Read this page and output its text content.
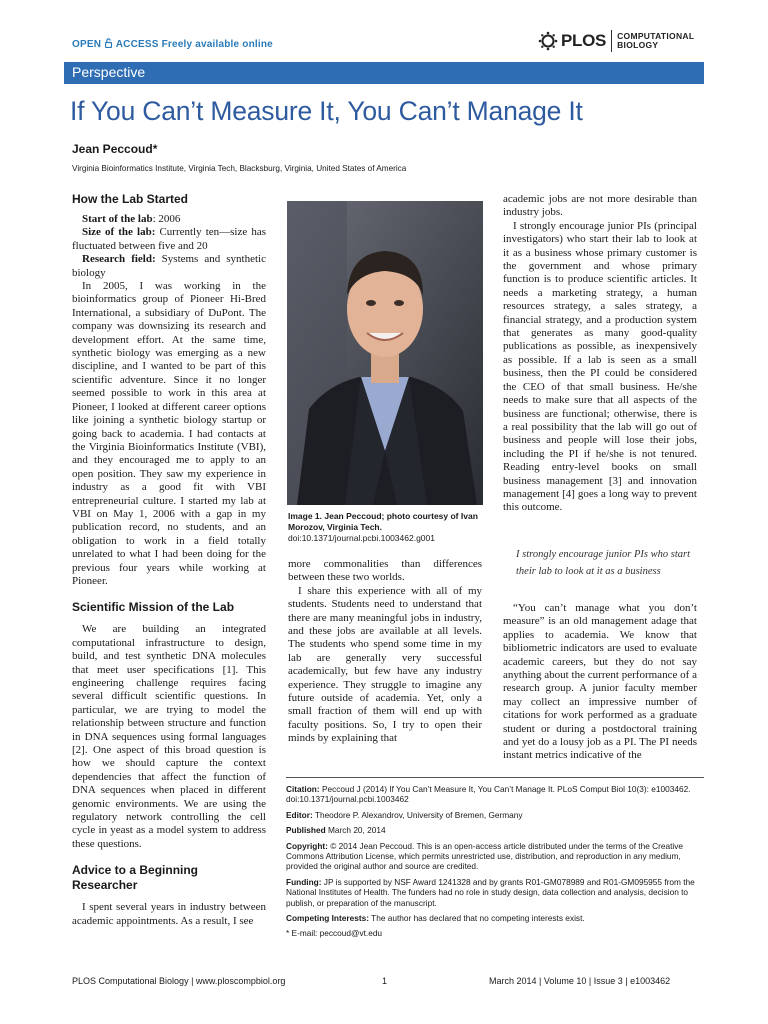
OPEN ACCESS Freely available online	PLOS COMPUTATIONAL
BIOLOGY
Perspective
If You Can’t Measure It, You Can’t Manage It
Jean Peccoud*
Virginia Bioinformatics Institute, Virginia Tech, Blacksburg, Virginia, United States of America
How the Lab Started

Start of the lab: 2006

Size of the lab: Currently ten—size has fluctuated between five and 20

Research field: Systems and synthetic biology

In 2005, I was working in the bioinformatics group of Pioneer Hi-Bred International, a subsidiary of DuPont. The company was downsizing its research and development effort. At the same time, synthetic biology was emerging as a new discipline, and I wanted to be part of this scientific adventure. Since it no longer seemed possible to work in this area at Pioneer, I looked at different career options like joining a synthetic biology startup or going back to academia. I had contacts at the Virginia Bioinformatics Institute (VBI), and they encouraged me to apply to an open position. They saw my experience in industry as a good fit with VBI entrepreneurial culture. I started my lab at VBI on May 1, 2006 with a gap in my publication record, no students, and an obligation to work in a field totally unrelated to what I had been doing for the previous four years while working at Pioneer.

Scientific Mission of the Lab

We are building an integrated computational infrastructure to design, build, and test synthetic DNA molecules that meet user specifications [1]. This engineering challenge requires facing several difficult scientific questions. In particular, we are trying to model the relationship between structure and function in DNA sequences using formal languages [2]. One aspect of this broad question is how we should capture the context dependencies that affect the function of DNA sequences when placed in different genomic environments. We are using the regulatory network controlling the cell cycle in yeast as a model system to address these questions.

Advice to a Beginning Researcher

I spent several years in industry between academic appointments. As a result, I see

Image 1. Jean Peccoud; photo courtesy of Ivan Morozov, Virginia Tech.
doi:10.1371/journal.pcbi.1003462.g001

more commonalities than differences between these two worlds.

I share this experience with all of my students. Students need to understand that there are many meaningful jobs in industry, and these jobs are available at all levels. The students who spend some time in my lab are generally very successful academically, but few have any industry experience. They struggle to imagine any future outside of academia. Yet, only a small fraction of them will end up with faculty positions. So, I try to open their minds by explaining that

academic jobs are not more desirable than industry jobs.

I strongly encourage junior PIs (principal investigators) who start their lab to look at it as a business whose primary customer is the government and whose primary function is to produce scientific articles. It needs a marketing strategy, a human resources strategy, a sales strategy, a financial strategy, and a production system that generates as many good-quality publications as possible, as inexpensively as possible. If a lab is seen as a small business, then the PI could be considered the CEO of that small business. He/she needs to make sure that all aspects of the business are functional; otherwise, there is a real possibility that the lab will go out of business and people will lose their jobs, including the PI if he/she is not tenured. Reading entry-level books on small business management [3] and innovation management [4] goes a long way to prevent this outcome.

I strongly encourage junior PIs who start their lab to look at it as a business

“You can’t manage what you don’t measure” is an old management adage that applies to academia. We know that bibliometric indicators are used to evaluate academic careers, but they do not say anything about the current performance of a research group. A junior faculty member may collect an impressive number of citations for work performed as a graduate student or during a postdoctoral training and yet do a lousy job as a PI. The PI needs instant metrics indicative of the

Citation: Peccoud J (2014) If You Can’t Measure It, You Can’t Manage It. PLoS Comput Biol 10(3): e1003462. doi:10.1371/journal.pcbi.1003462

Editor: Theodore P. Alexandrov, University of Bremen, Germany

Published March 20, 2014

Copyright: © 2014 Jean Peccoud. This is an open-access article distributed under the terms of the Creative Commons Attribution License, which permits unrestricted use, distribution, and reproduction in any medium, provided the original author and source are credited.

Funding: JP is supported by NSF Award 1241328 and by grants R01-GM078989 and R01-GM095955 from the National Institutes of Health. The funders had no role in study design, data collection and analysis, decision to publish, or preparation of the manuscript.

Competing Interests: The author has declared that no competing interests exist.

* E-mail: peccoud@vt.edu

PLOS Computational Biology | www.ploscompbiol.org	1	March 2014 | Volume 10 | Issue 3 | e1003462
